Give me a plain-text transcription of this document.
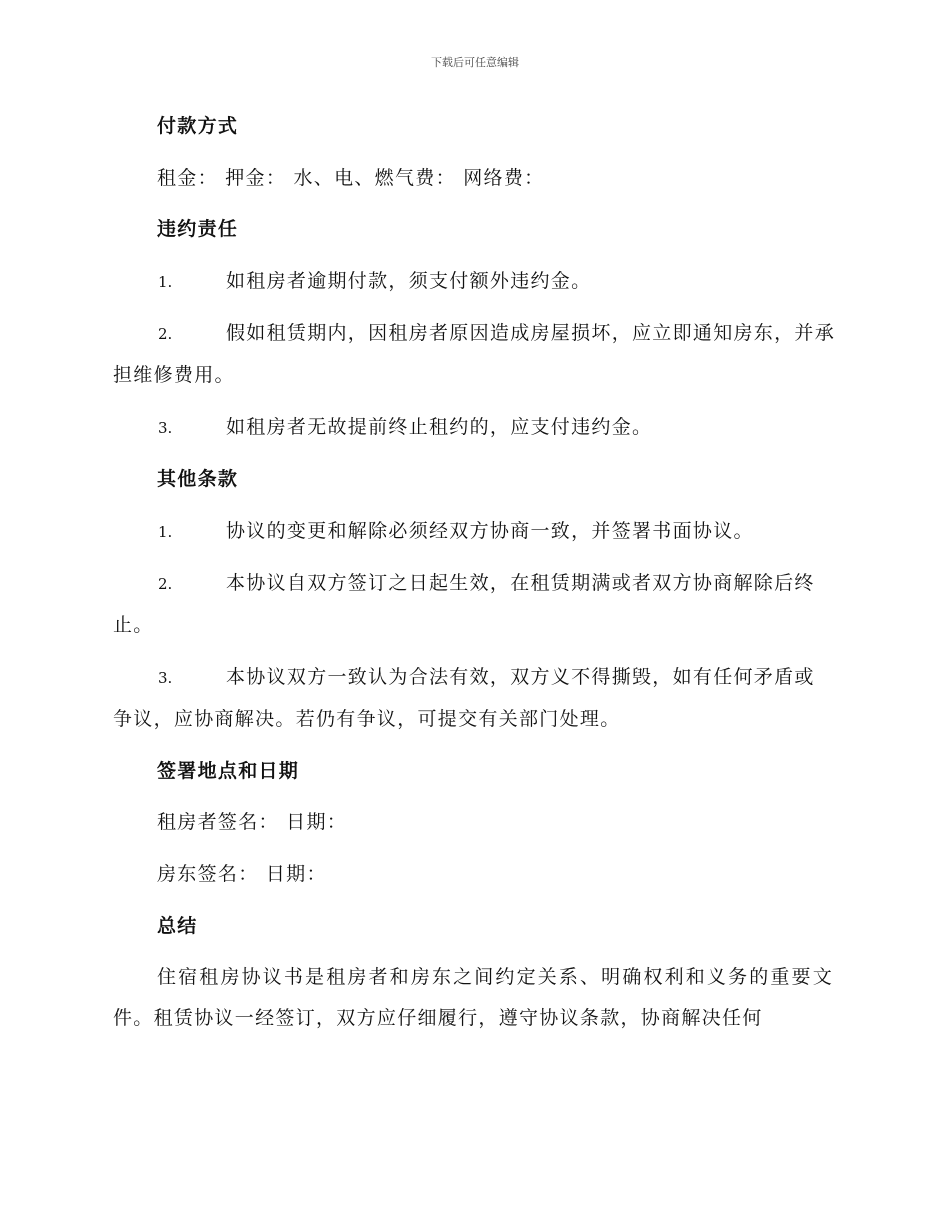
下载后可任意编辑
付款方式

租金： 押金： 水、电、燃气费： 网络费：

违约责任

1.	如租房者逾期付款，须支付额外违约金。

2.	假如租赁期内，因租房者原因造成房屋损坏，应立即通知房东，并承担维修费用。

3.	如租房者无故提前终止租约的，应支付违约金。

其他条款

1.	协议的变更和解除必须经双方协商一致，并签署书面协议。

2.	本协议自双方签订之日起生效，在租赁期满或者双方协商解除后终止。

3.	本协议双方一致认为合法有效，双方义不得撕毁，如有任何矛盾或争议，应协商解决。若仍有争议，可提交有关部门处理。

签署地点和日期

租房者签名： 日期：

房东签名： 日期：

总结

住宿租房协议书是租房者和房东之间约定关系、明确权利和义务的重要文件。租赁协议一经签订，双方应仔细履行，遵守协议条款，协商解决任何
